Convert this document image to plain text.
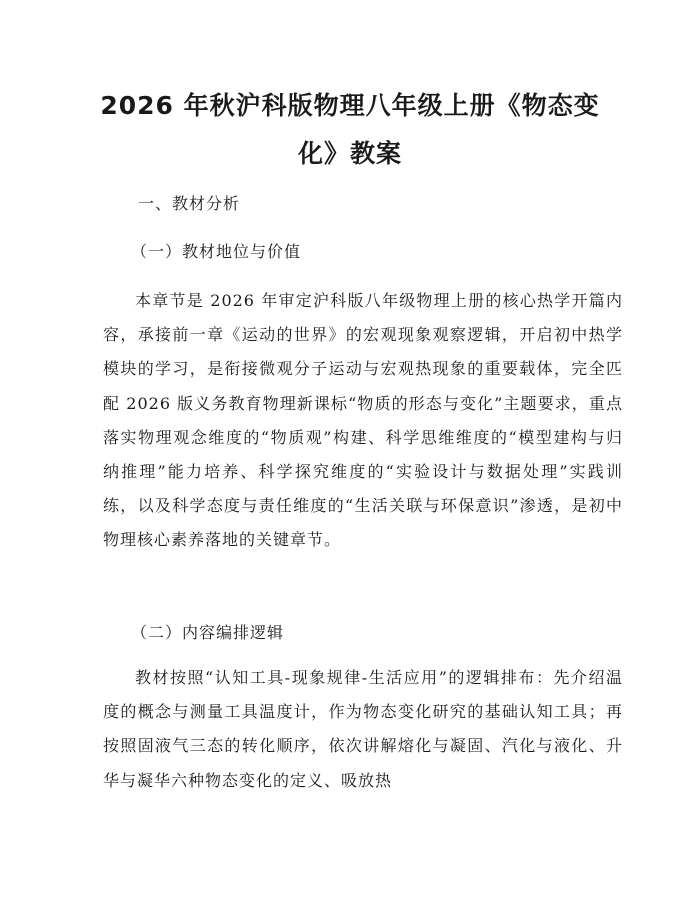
2026 年秋沪科版物理八年级上册《物态变
化》教案
一、教材分析
（一）教材地位与价值
本章节是 2026 年审定沪科版八年级物理上册的核心热学开篇内容，承接前一章《运动的世界》的宏观现象观察逻辑，开启初中热学模块的学习，是衔接微观分子运动与宏观热现象的重要载体，完全匹配 2026 版义务教育物理新课标“物质的形态与变化”主题要求，重点落实物理观念维度的“物质观”构建、科学思维维度的“模型建构与归纳推理”能力培养、科学探究维度的“实验设计与数据处理”实践训练，以及科学态度与责任维度的“生活关联与环保意识”渗透，是初中物理核心素养落地的关键章节。
（二）内容编排逻辑
教材按照“认知工具-现象规律-生活应用”的逻辑排布：先介绍温度的概念与测量工具温度计，作为物态变化研究的基础认知工具；再按照固液气三态的转化顺序，依次讲解熔化与凝固、汽化与液化、升华与凝华六种物态变化的定义、吸放热
